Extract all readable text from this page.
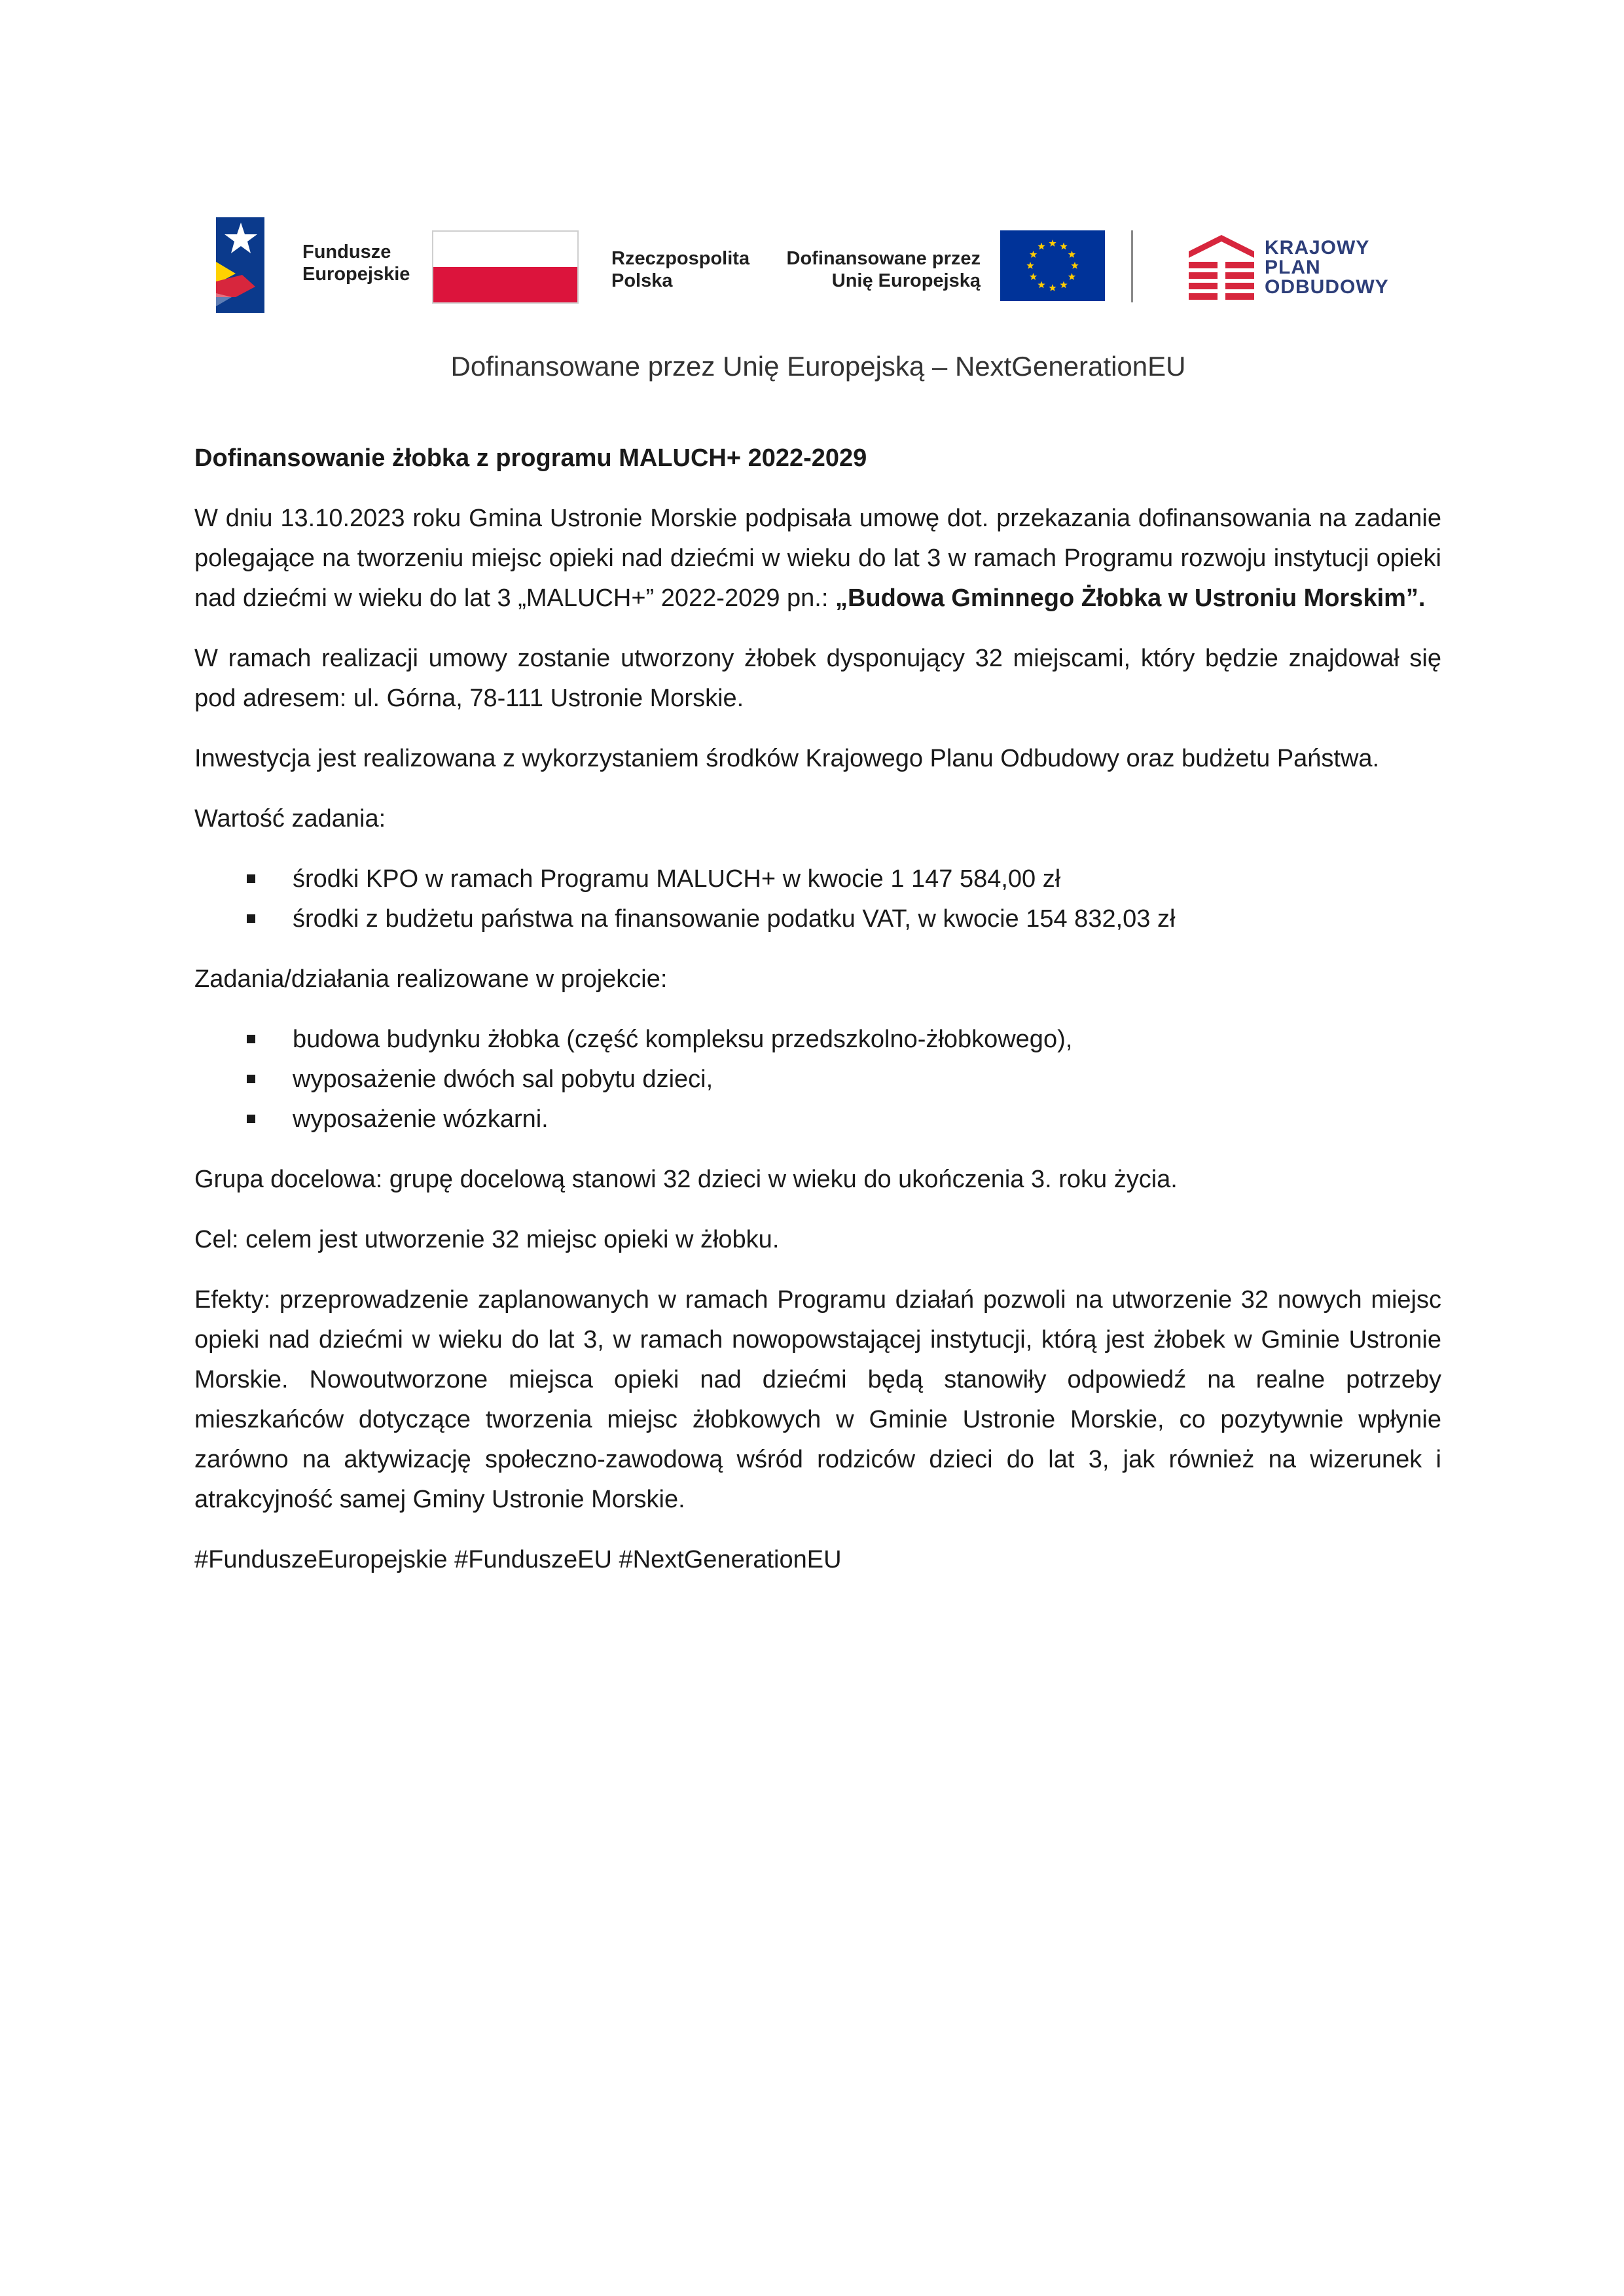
Fundusze
Europejskie
Rzeczpospolita
Polska
Dofinansowane przez
Unię Europejską
KRAJOWY
PLAN
ODBUDOWY
Dofinansowane przez Unię Europejską – NextGenerationEU

Dofinansowanie żłobka z programu MALUCH+ 2022-2029

W dniu 13.10.2023 roku Gmina Ustronie Morskie podpisała umowę dot. przekazania dofinansowania na zadanie polegające na tworzeniu miejsc opieki nad dziećmi w wieku do lat 3 w ramach Programu rozwoju instytucji opieki nad dziećmi w wieku do lat 3 „MALUCH+” 2022-2029 pn.: „Budowa Gminnego Żłobka w Ustroniu Morskim”.

W ramach realizacji umowy zostanie utworzony żłobek dysponujący 32 miejscami, który będzie znajdował się pod adresem: ul. Górna, 78-111 Ustronie Morskie.

Inwestycja jest realizowana z wykorzystaniem środków Krajowego Planu Odbudowy oraz budżetu Państwa.

Wartość zadania:

środki KPO w ramach Programu MALUCH+ w kwocie 1 147 584,00 zł
środki z budżetu państwa na finansowanie podatku VAT, w kwocie 154 832,03 zł

Zadania/działania realizowane w projekcie:

budowa budynku żłobka (część kompleksu przedszkolno-żłobkowego),
wyposażenie dwóch sal pobytu dzieci,
wyposażenie wózkarni.

Grupa docelowa: grupę docelową stanowi 32 dzieci w wieku do ukończenia 3. roku życia.

Cel: celem jest utworzenie 32 miejsc opieki w żłobku.

Efekty: przeprowadzenie zaplanowanych w ramach Programu działań pozwoli na utworzenie 32 nowych miejsc opieki nad dziećmi w wieku do lat 3, w ramach nowopowstającej instytucji, którą jest żłobek w Gminie Ustronie Morskie. Nowoutworzone miejsca opieki nad dziećmi będą stanowiły odpowiedź na realne potrzeby mieszkańców dotyczące tworzenia miejsc żłobkowych w Gminie Ustronie Morskie, co pozytywnie wpłynie zarówno na aktywizację społeczno-zawodową wśród rodziców dzieci do lat 3, jak również na wizerunek i atrakcyjność samej Gminy Ustronie Morskie.

#FunduszeEuropejskie #FunduszeEU #NextGenerationEU
